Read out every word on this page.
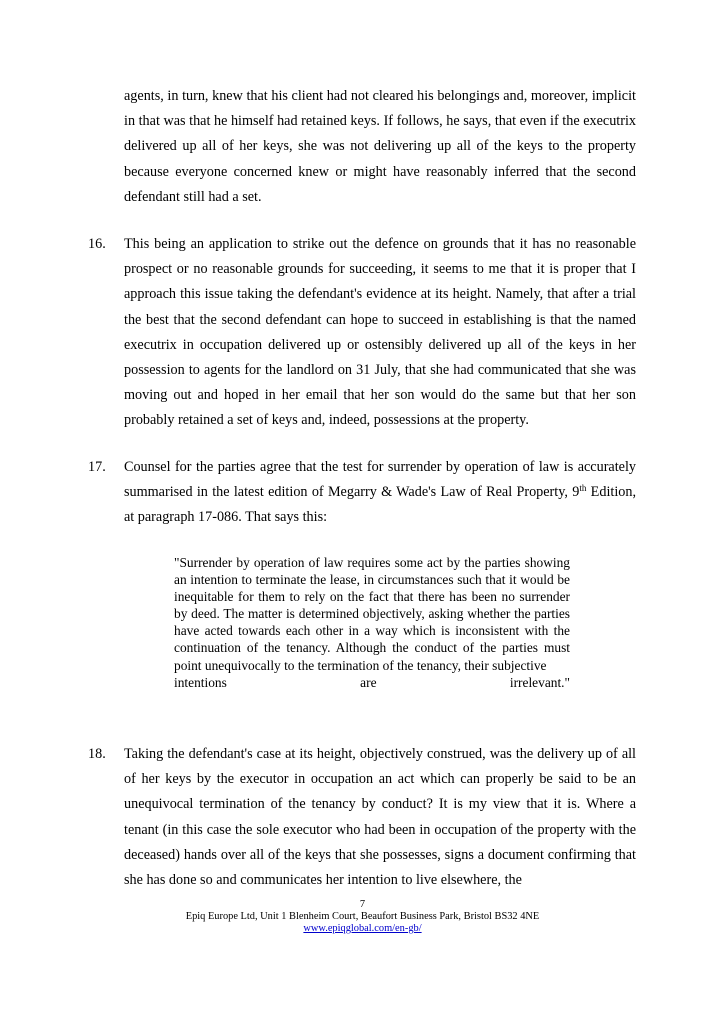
agents, in turn, knew that his client had not cleared his belongings and, moreover, implicit in that was that he himself had retained keys. If follows, he says, that even if the executrix delivered up all of her keys, she was not delivering up all of the keys to the property because everyone concerned knew or might have reasonably inferred that the second defendant still had a set.

16. This being an application to strike out the defence on grounds that it has no reasonable prospect or no reasonable grounds for succeeding, it seems to me that it is proper that I approach this issue taking the defendant's evidence at its height. Namely, that after a trial the best that the second defendant can hope to succeed in establishing is that the named executrix in occupation delivered up or ostensibly delivered up all of the keys in her possession to agents for the landlord on 31 July, that she had communicated that she was moving out and hoped in her email that her son would do the same but that her son probably retained a set of keys and, indeed, possessions at the property.

17. Counsel for the parties agree that the test for surrender by operation of law is accurately summarised in the latest edition of Megarry & Wade's Law of Real Property, 9th Edition, at paragraph 17-086. That says this:

"Surrender by operation of law requires some act by the parties showing an intention to terminate the lease, in circumstances such that it would be inequitable for them to rely on the fact that there has been no surrender by deed. The matter is determined objectively, asking whether the parties have acted towards each other in a way which is inconsistent with the continuation of the tenancy. Although the conduct of the parties must point unequivocally to the termination of the tenancy, their subjective
intentions	are	irrelevant."
18. Taking the defendant's case at its height, objectively construed, was the delivery up of all of her keys by the executor in occupation an act which can properly be said to be an unequivocal termination of the tenancy by conduct? It is my view that it is. Where a tenant (in this case the sole executor who had been in occupation of the property with the deceased) hands over all of the keys that she possesses, signs a document confirming that she has done so and communicates her intention to live elsewhere, the

7
Epiq Europe Ltd, Unit 1 Blenheim Court, Beaufort Business Park, Bristol BS32 4NE
www.epiqglobal.com/en-gb/
